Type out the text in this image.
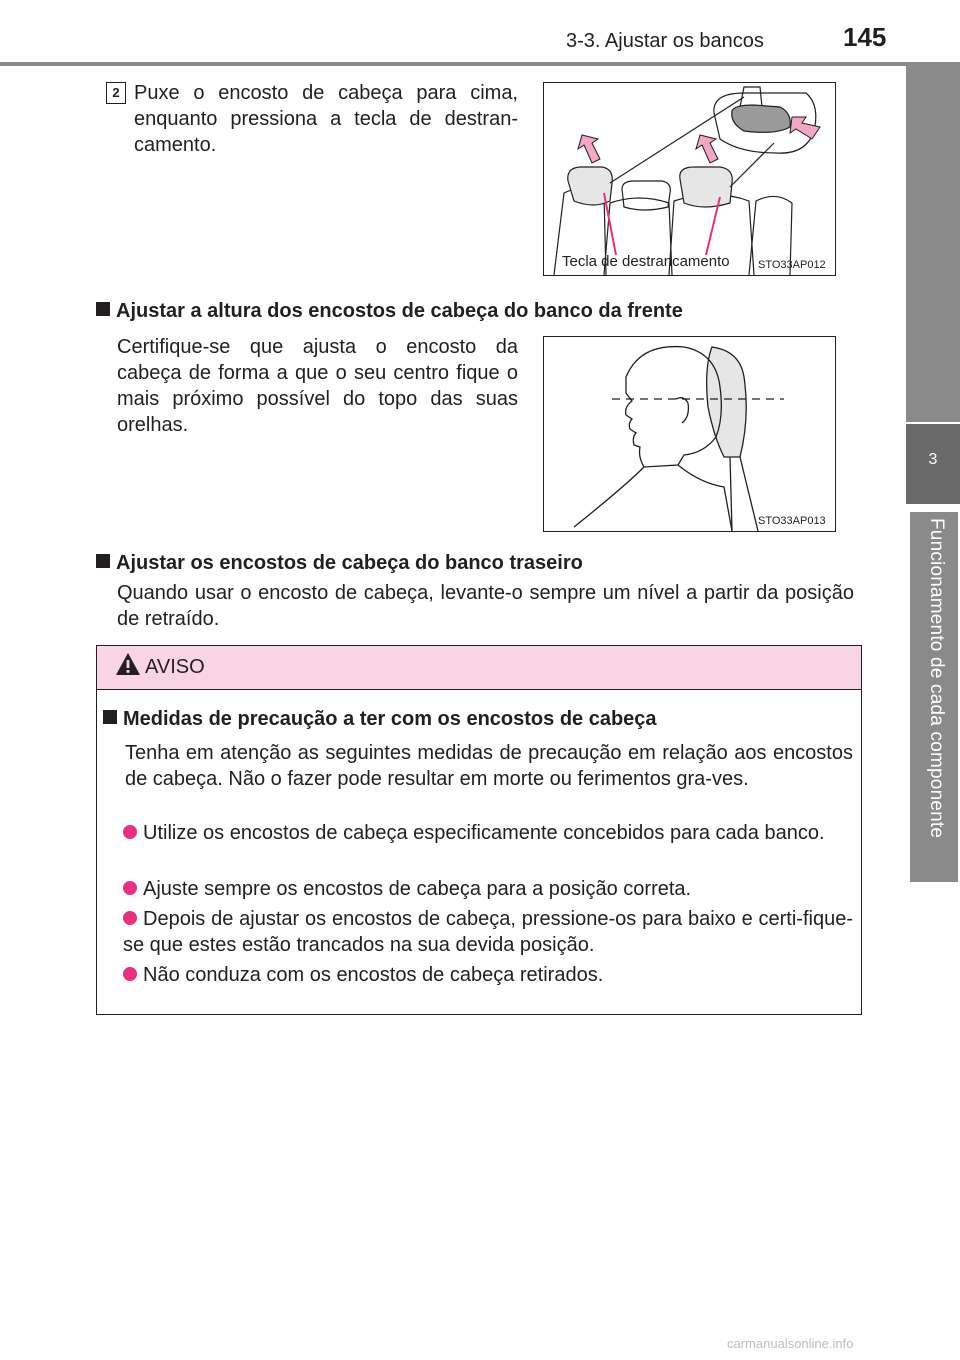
3-3. Ajustar os bancos	145
3
Funcionamento de cada componente
2 Puxe o encosto de cabeça para cima, enquanto pressiona a tecla de destran-camento.
Tecla de destrancamento	STO33AP012
Ajustar a altura dos encostos de cabeça do banco da frente
Certifique-se que ajusta o encosto da cabeça de forma a que o seu centro fique o mais próximo possível do topo das suas orelhas.
STO33AP013
Ajustar os encostos de cabeça do banco traseiro
Quando usar o encosto de cabeça, levante-o sempre um nível a partir da posição de retraído.
AVISO
Medidas de precaução a ter com os encostos de cabeça
Tenha em atenção as seguintes medidas de precaução em relação aos encostos de cabeça. Não o fazer pode resultar em morte ou ferimentos gra-ves.
Utilize os encostos de cabeça especificamente concebidos para cada banco.
Ajuste sempre os encostos de cabeça para a posição correta.
Depois de ajustar os encostos de cabeça, pressione-os para baixo e certi-fique-se que estes estão trancados na sua devida posição.
Não conduza com os encostos de cabeça retirados.
carmanualsonline.info
